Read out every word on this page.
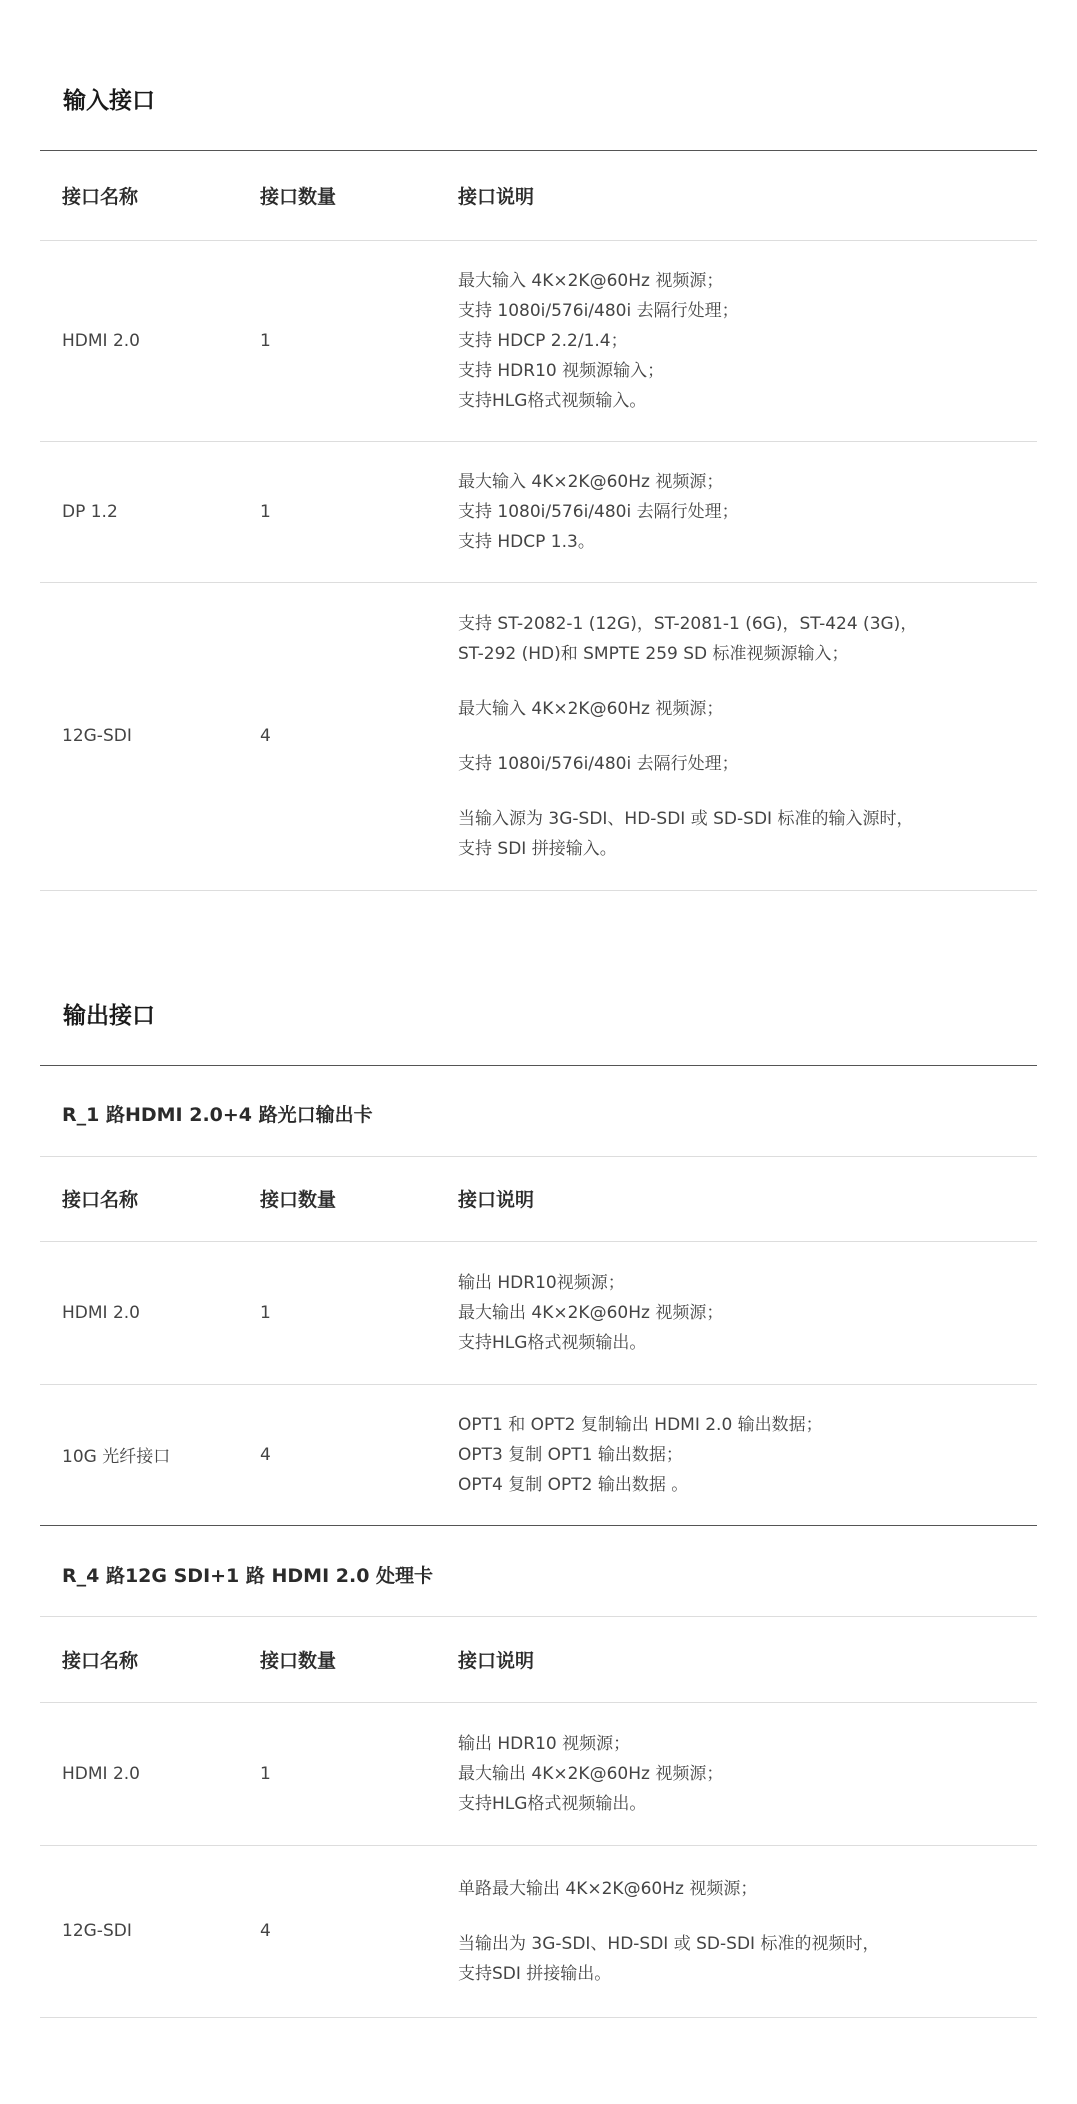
输入接口
接口名称	接口数量	接口说明
HDMI 2.0	1
最大输入 4K×2K@60Hz 视频源；
支持 1080i/576i/480i 去隔行处理；
支持 HDCP 2.2/1.4；
支持 HDR10 视频源输入；
支持HLG格式视频输入。
DP 1.2	1
最大输入 4K×2K@60Hz 视频源；
支持 1080i/576i/480i 去隔行处理；
支持 HDCP 1.3。
12G-SDI	4
支持 ST-2082-1 (12G)，ST-2081-1 (6G)，ST-424 (3G)，
ST-292 (HD)和 SMPTE 259 SD 标准视频源输入；
最大输入 4K×2K@60Hz 视频源；
支持 1080i/576i/480i 去隔行处理；
当输入源为 3G-SDI、HD-SDI 或 SD-SDI 标准的输入源时，
支持 SDI 拼接输入。
输出接口
R_1 路HDMI 2.0+4 路光口输出卡
接口名称	接口数量	接口说明
HDMI 2.0	1
输出 HDR10视频源；
最大输出 4K×2K@60Hz 视频源；
支持HLG格式视频输出。
10G 光纤接口	4
OPT1 和 OPT2 复制输出 HDMI 2.0 输出数据；
OPT3 复制 OPT1 输出数据；
OPT4 复制 OPT2 输出数据 。
R_4 路12G SDI+1 路 HDMI 2.0 处理卡
接口名称	接口数量	接口说明
HDMI 2.0	1
输出 HDR10 视频源；
最大输出 4K×2K@60Hz 视频源；
支持HLG格式视频输出。
12G-SDI	4
单路最大输出 4K×2K@60Hz 视频源；
当输出为 3G-SDI、HD-SDI 或 SD-SDI 标准的视频时，
支持SDI 拼接输出。
